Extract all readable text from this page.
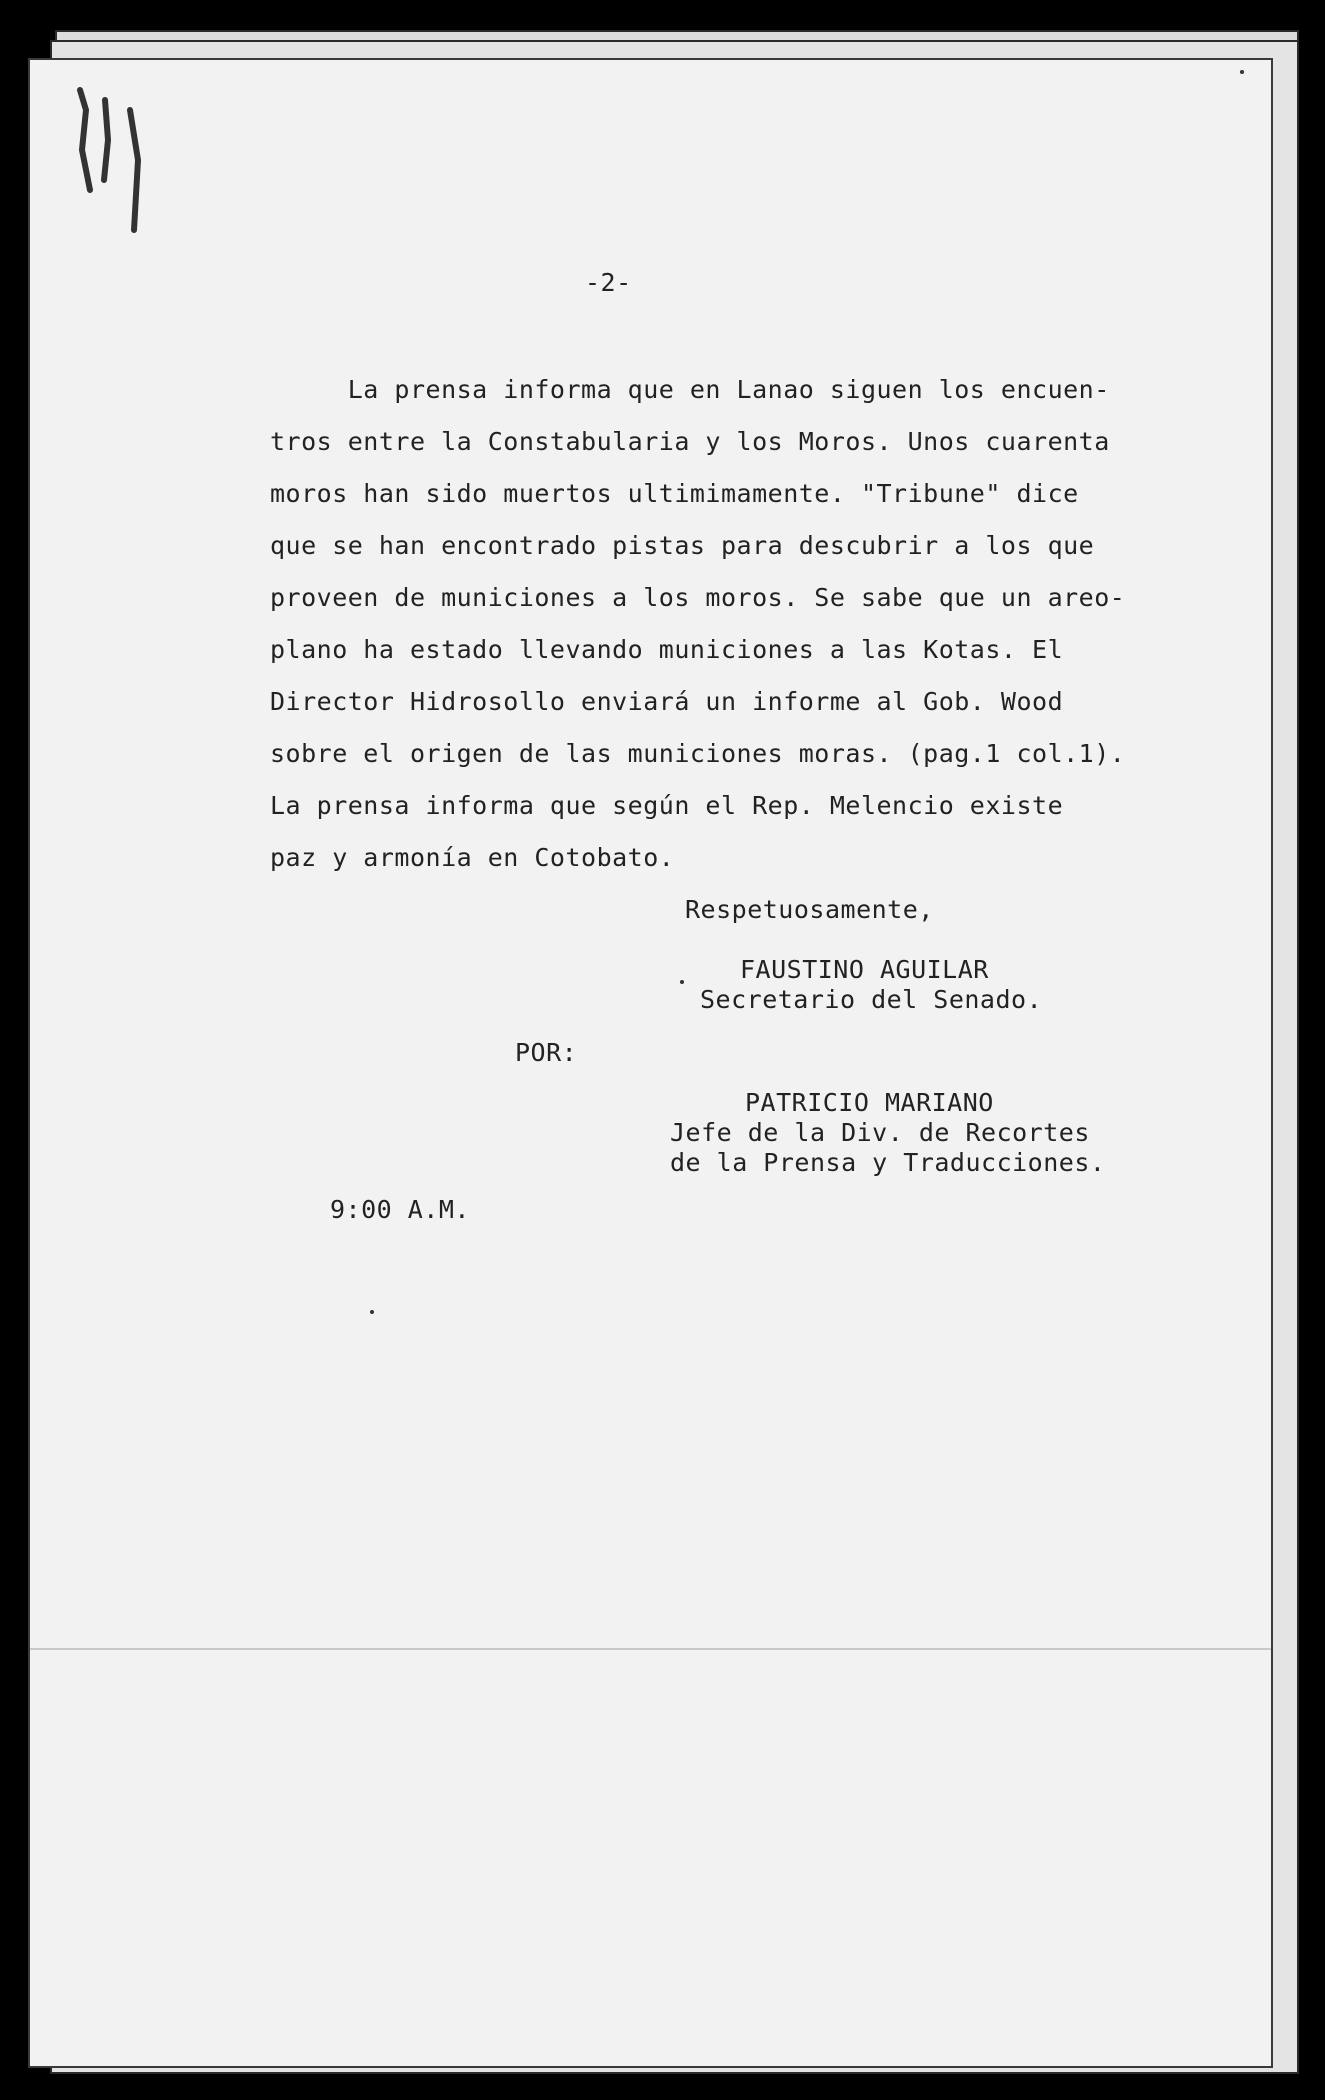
-2-

La prensa informa que en Lanao siguen los encuen-

tros entre la Constabularia y los Moros. Unos cuarenta

moros han sido muertos ultimimamente. "Tribune" dice

que se han encontrado pistas para descubrir a los que

proveen de municiones a los moros. Se sabe que un areo-

plano ha estado llevando municiones a las Kotas. El

Director Hidrosollo enviará un informe al Gob. Wood

sobre el origen de las municiones moras. (pag.1 col.1).

La prensa informa que según el Rep. Melencio existe

paz y armonía en Cotobato.

Respetuosamente,

FAUSTINO AGUILAR

Secretario del Senado.

POR:

PATRICIO MARIANO

Jefe de la Div. de Recortes

de la Prensa y Traducciones.

9:00 A.M.
